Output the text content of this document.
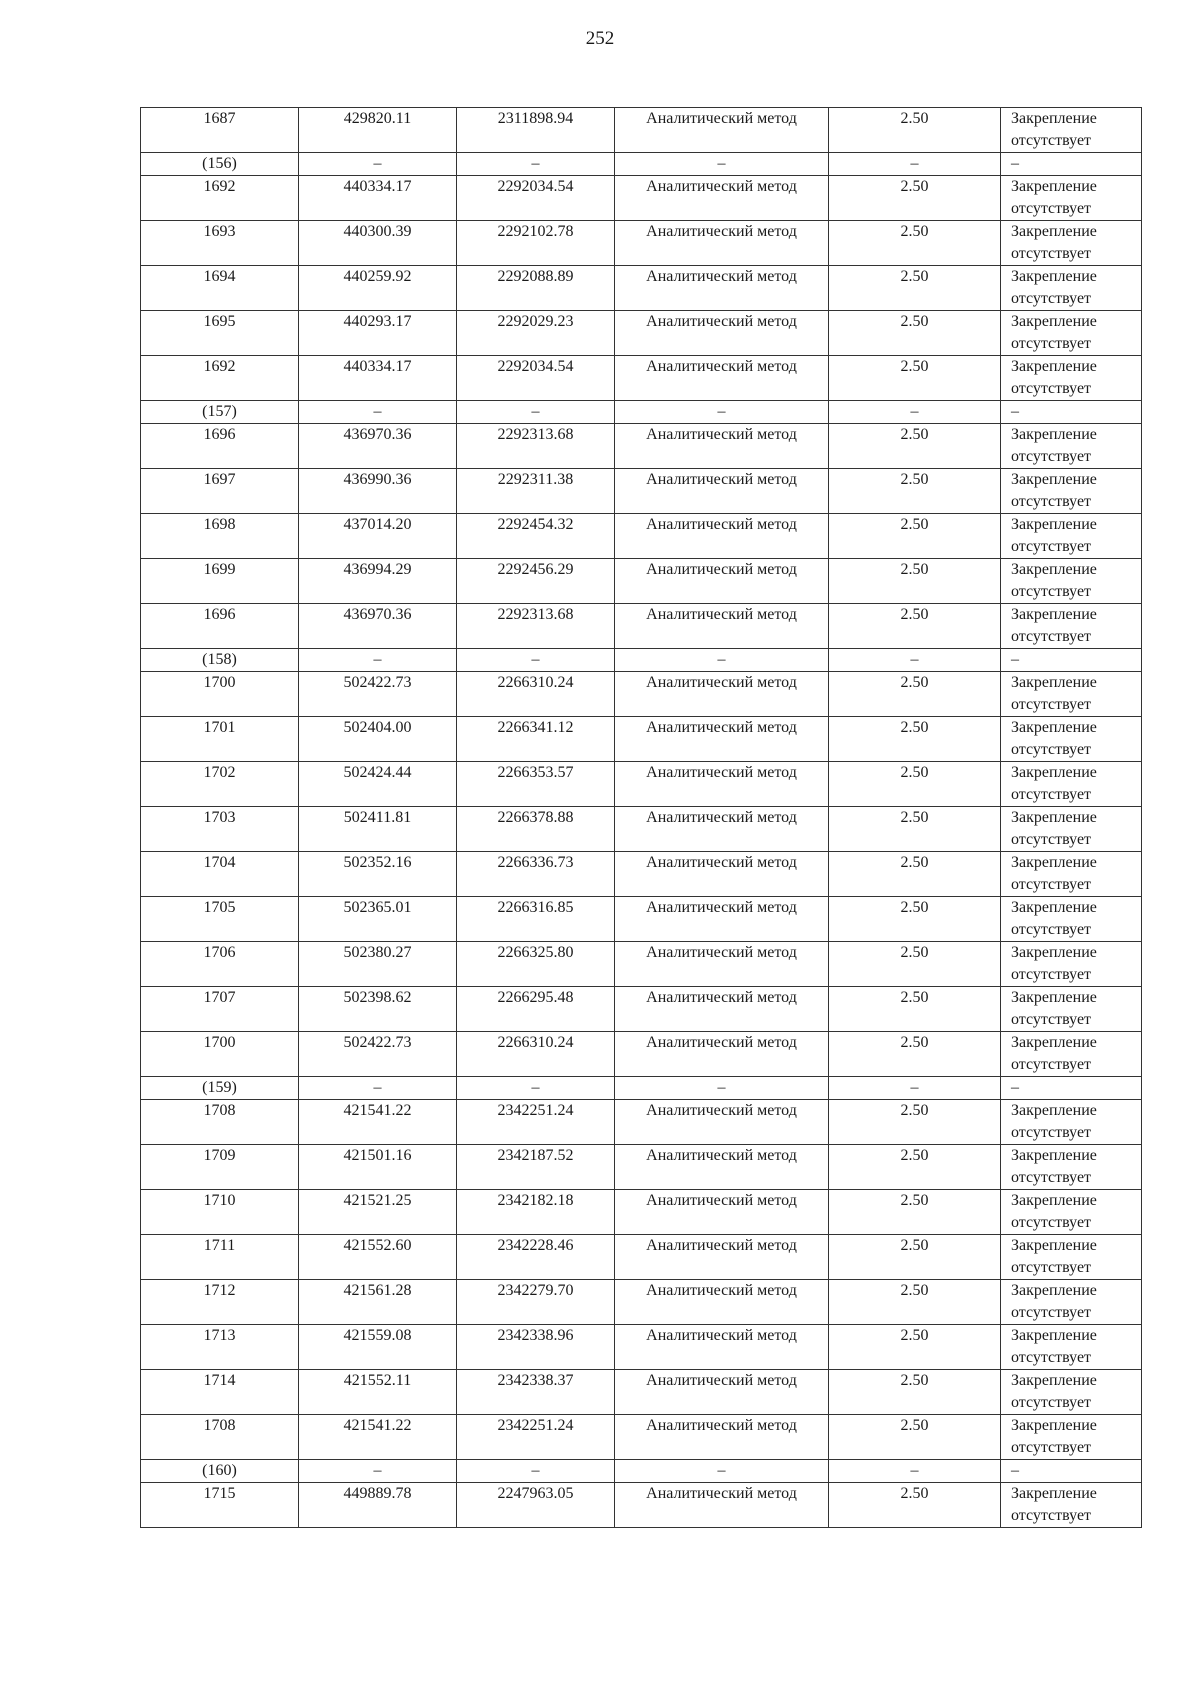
252
1687	429820.11	2311898.94	Аналитический метод	2.50	Закрепление отсутствует
(156)	–	–	–	–	–
1692	440334.17	2292034.54	Аналитический метод	2.50	Закрепление отсутствует
1693	440300.39	2292102.78	Аналитический метод	2.50	Закрепление отсутствует
1694	440259.92	2292088.89	Аналитический метод	2.50	Закрепление отсутствует
1695	440293.17	2292029.23	Аналитический метод	2.50	Закрепление отсутствует
1692	440334.17	2292034.54	Аналитический метод	2.50	Закрепление отсутствует
(157)	–	–	–	–	–
1696	436970.36	2292313.68	Аналитический метод	2.50	Закрепление отсутствует
1697	436990.36	2292311.38	Аналитический метод	2.50	Закрепление отсутствует
1698	437014.20	2292454.32	Аналитический метод	2.50	Закрепление отсутствует
1699	436994.29	2292456.29	Аналитический метод	2.50	Закрепление отсутствует
1696	436970.36	2292313.68	Аналитический метод	2.50	Закрепление отсутствует
(158)	–	–	–	–	–
1700	502422.73	2266310.24	Аналитический метод	2.50	Закрепление отсутствует
1701	502404.00	2266341.12	Аналитический метод	2.50	Закрепление отсутствует
1702	502424.44	2266353.57	Аналитический метод	2.50	Закрепление отсутствует
1703	502411.81	2266378.88	Аналитический метод	2.50	Закрепление отсутствует
1704	502352.16	2266336.73	Аналитический метод	2.50	Закрепление отсутствует
1705	502365.01	2266316.85	Аналитический метод	2.50	Закрепление отсутствует
1706	502380.27	2266325.80	Аналитический метод	2.50	Закрепление отсутствует
1707	502398.62	2266295.48	Аналитический метод	2.50	Закрепление отсутствует
1700	502422.73	2266310.24	Аналитический метод	2.50	Закрепление отсутствует
(159)	–	–	–	–	–
1708	421541.22	2342251.24	Аналитический метод	2.50	Закрепление отсутствует
1709	421501.16	2342187.52	Аналитический метод	2.50	Закрепление отсутствует
1710	421521.25	2342182.18	Аналитический метод	2.50	Закрепление отсутствует
1711	421552.60	2342228.46	Аналитический метод	2.50	Закрепление отсутствует
1712	421561.28	2342279.70	Аналитический метод	2.50	Закрепление отсутствует
1713	421559.08	2342338.96	Аналитический метод	2.50	Закрепление отсутствует
1714	421552.11	2342338.37	Аналитический метод	2.50	Закрепление отсутствует
1708	421541.22	2342251.24	Аналитический метод	2.50	Закрепление отсутствует
(160)	–	–	–	–	–
1715	449889.78	2247963.05	Аналитический метод	2.50	Закрепление отсутствует
